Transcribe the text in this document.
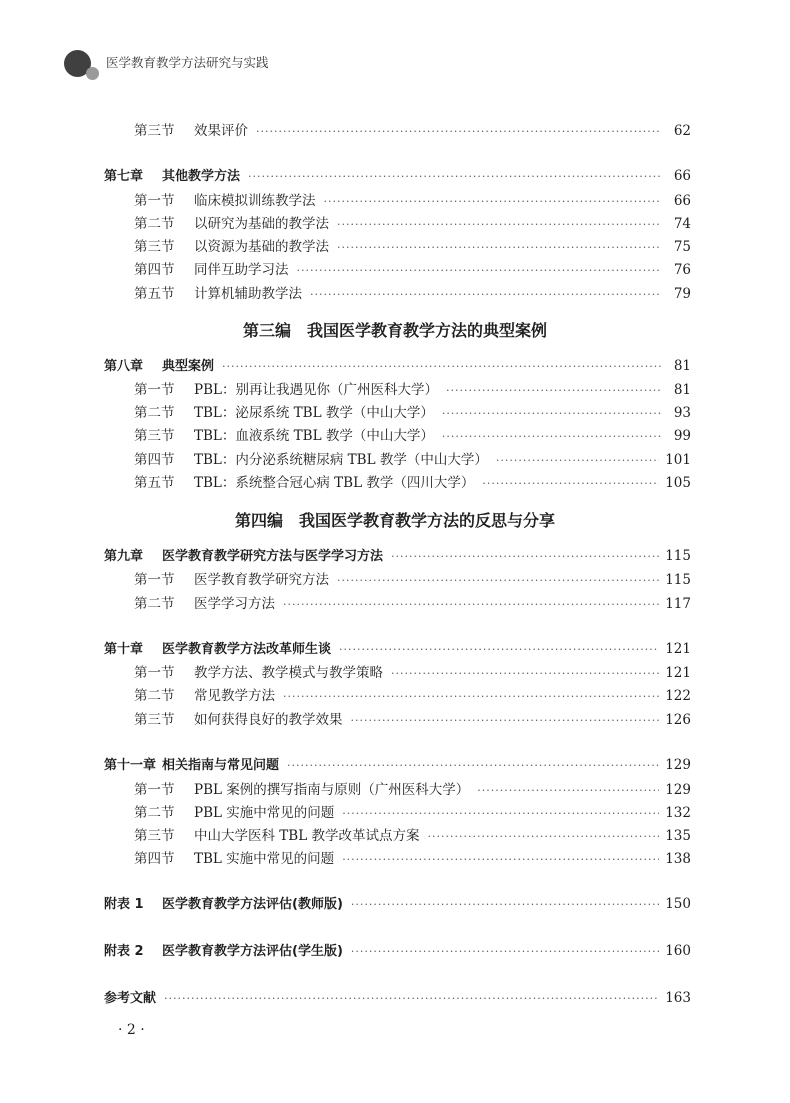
医学教育教学方法研究与实践
第三节 效果评价 ·····	62
第七章 其他教学方法 ·····	66
第一节 临床模拟训练教学法 ·····	66
第二节 以研究为基础的教学法 ·····	74
第三节 以资源为基础的教学法 ·····	75
第四节 同伴互助学习法 ·····	76
第五节 计算机辅助教学法 ·····	79
第八章 典型案例 ·····	81
第一节 PBL：别再让我遇见你（广州医科大学） ·····	81
第二节 TBL：泌尿系统 TBL 教学（中山大学） ·····	93
第三节 TBL：血液系统 TBL 教学（中山大学） ·····	99
第四节 TBL：内分泌系统糖尿病 TBL 教学（中山大学） ·····	101
第五节 TBL：系统整合冠心病 TBL 教学（四川大学） ·····	105
第九章 医学教育教学研究方法与医学学习方法 ·····	115
第一节 医学教育教学研究方法 ·····	115
第二节 医学学习方法 ·····	117
第十章 医学教育教学方法改革师生谈 ·····	121
第一节 教学方法、教学模式与教学策略 ·····	121
第二节 常见教学方法 ·····	122
第三节 如何获得良好的教学效果 ·····	126
第十一章 相关指南与常见问题 ·····	129
第一节 PBL 案例的撰写指南与原则（广州医科大学） ·····	129
第二节 PBL 实施中常见的问题 ·····	132
第三节 中山大学医科 TBL 教学改革试点方案 ·····	135
第四节 TBL 实施中常见的问题 ·····	138
附表 1 医学教育教学方法评估(教师版) ·····	150
附表 2 医学教育教学方法评估(学生版) ·····	160
参考文献 ·····	163
第三编 我国医学教育教学方法的典型案例
第四编 我国医学教育教学方法的反思与分享
· 2 ·
